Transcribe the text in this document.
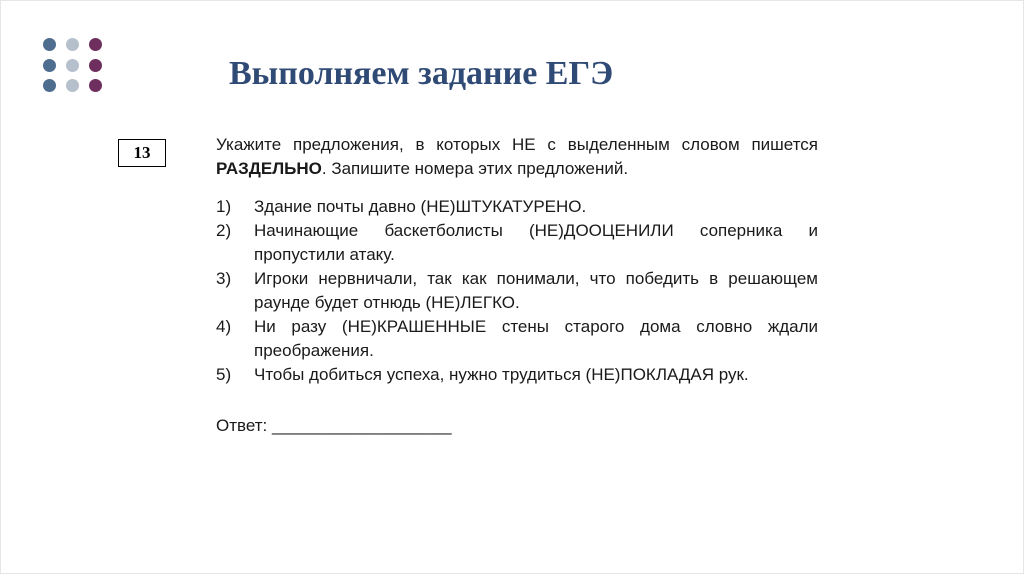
Выполняем задание ЕГЭ
13	Укажите предложения, в которых НЕ с выделенным словом пишется РАЗДЕЛЬНО. Запишите номера этих предложений.

1)	Здание почты давно (НЕ)ШТУКАТУРЕНО.
2)	Начинающие баскетболисты (НЕ)ДООЦЕНИЛИ соперника и пропустили атаку.
3)	Игроки нервничали, так как понимали, что победить в решающем раунде будет отнюдь (НЕ)ЛЕГКО.
4)	Ни разу (НЕ)КРАШЕННЫЕ стены старого дома словно ждали преображения.
5)	Чтобы добиться успеха, нужно трудиться (НЕ)ПОКЛАДАЯ рук.

Ответ: ___________________
